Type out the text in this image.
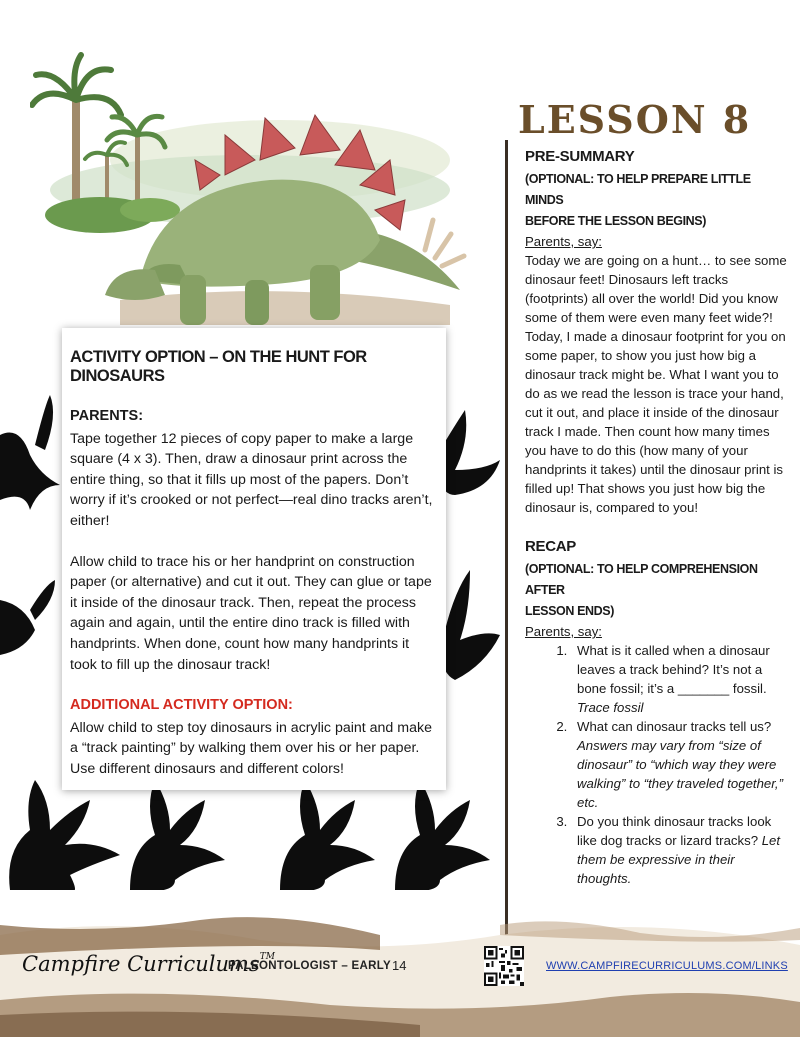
LESSON 8

PRE-SUMMARY

(OPTIONAL: TO HELP PREPARE LITTLE MINDS
BEFORE THE LESSON BEGINS)

Parents, say:

Today we are going on a hunt… to see some dinosaur feet! Dinosaurs left tracks (footprints) all over the world! Did you know some of them were even many feet wide?! Today, I made a dinosaur footprint for you on some paper, to show you just how big a dinosaur track might be. What I want you to do as we read the lesson is trace your hand, cut it out, and place it inside of the dinosaur track I made. Then count how many times you have to do this (how many of your handprints it takes) until the dinosaur print is filled up! That shows you just how big the dinosaur is, compared to you!

RECAP

(OPTIONAL: TO HELP COMPREHENSION AFTER
LESSON ENDS)

Parents, say:

1. What is it called when a dinosaur leaves a track behind? It’s not a bone fossil; it’s a _______ fossil. Trace fossil
2. What can dinosaur tracks tell us? Answers may vary from “size of dinosaur” to “which way they were walking” to “they traveled together,” etc.
3. Do you think dinosaur tracks look like dog tracks or lizard tracks? Let them be expressive in their thoughts.
ACTIVITY OPTION – ON THE HUNT FOR DINOSAURS

PARENTS:

Tape together 12 pieces of copy paper to make a large square (4 x 3). Then, draw a dinosaur print across the entire thing, so that it fills up most of the papers. Don’t worry if it’s crooked or not perfect—real dino tracks aren’t, either!

Allow child to trace his or her handprint on construction paper (or alternative) and cut it out. They can glue or tape it inside of the dinosaur track. Then, repeat the process again and again, until the entire dino track is filled with handprints. When done, count how many handprints it took to fill up the dinosaur track!

ADDITIONAL ACTIVITY OPTION:

Allow child to step toy dinosaurs in acrylic paint and make a “track painting” by walking them over his or her paper. Use different dinosaurs and different colors!

Campfire Curriculums™

PALEONTOLOGIST – EARLY 14	WWW.CAMPFIRECURRICULUMS.COM/LINKS
